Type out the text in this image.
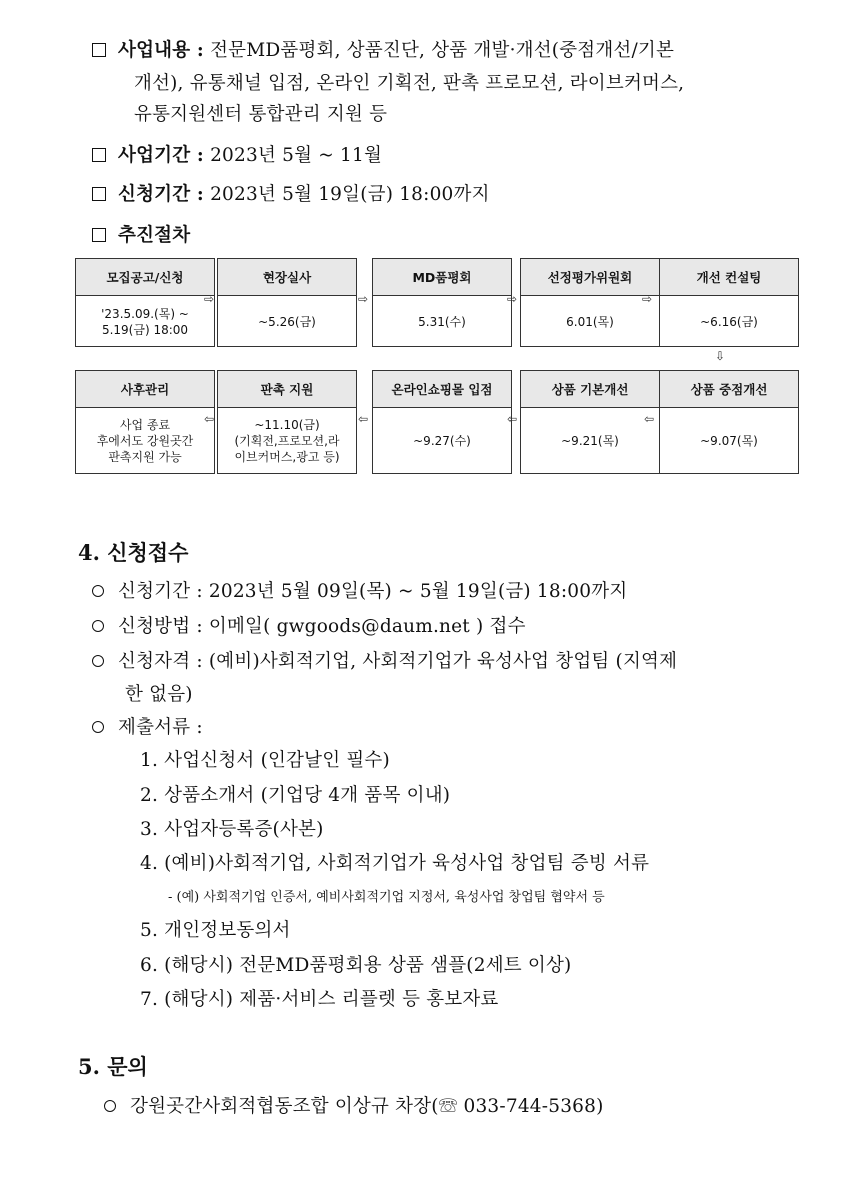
사업내용 : 전문MD품평회, 상품진단, 상품 개발·개선(중점개선/기본
개선), 유통채널 입점, 온라인 기획전, 판촉 프로모션, 라이브커머스,
유통지원센터 통합관리 지원 등
사업기간 : 2023년 5월 ~ 11월
신청기간 : 2023년 5월 19일(금) 18:00까지
추진절차
모집공고/신청
'23.5.09.(목) ~
5.19(금) 18:00
⇨
현장실사
~5.26(금)
⇨
MD품평회
5.31(수)
⇨
선정평가위원회
6.01(목)
⇨
개선 컨설팅
~6.16(금)
⇩
사후관리
사업 종료
후에서도 강원곳간
판촉지원 가능
⇦
판촉 지원
~11.10(금)
(기획전,프로모션,라
이브커머스,광고 등)
⇦
온라인쇼핑몰 입점
~9.27(수)
⇦
상품 기본개선
~9.21(목)
⇦
상품 중점개선
~9.07(목)
4. 신청접수
신청기간 : 2023년 5월 09일(목) ~ 5월 19일(금) 18:00까지
신청방법 : 이메일( gwgoods@daum.net ) 접수
신청자격 : (예비)사회적기업, 사회적기업가 육성사업 창업팀 (지역제
한 없음)
제출서류 :
1. 사업신청서 (인감날인 필수)
2. 상품소개서 (기업당 4개 품목 이내)
3. 사업자등록증(사본)
4. (예비)사회적기업, 사회적기업가 육성사업 창업팀 증빙 서류
- (예) 사회적기업 인증서, 예비사회적기업 지정서, 육성사업 창업팀 협약서 등
5. 개인정보동의서
6. (해당시) 전문MD품평회용 상품 샘플(2세트 이상)
7. (해당시) 제품·서비스 리플렛 등 홍보자료
5. 문의
강원곳간사회적협동조합 이상규 차장(☏ 033-744-5368)
